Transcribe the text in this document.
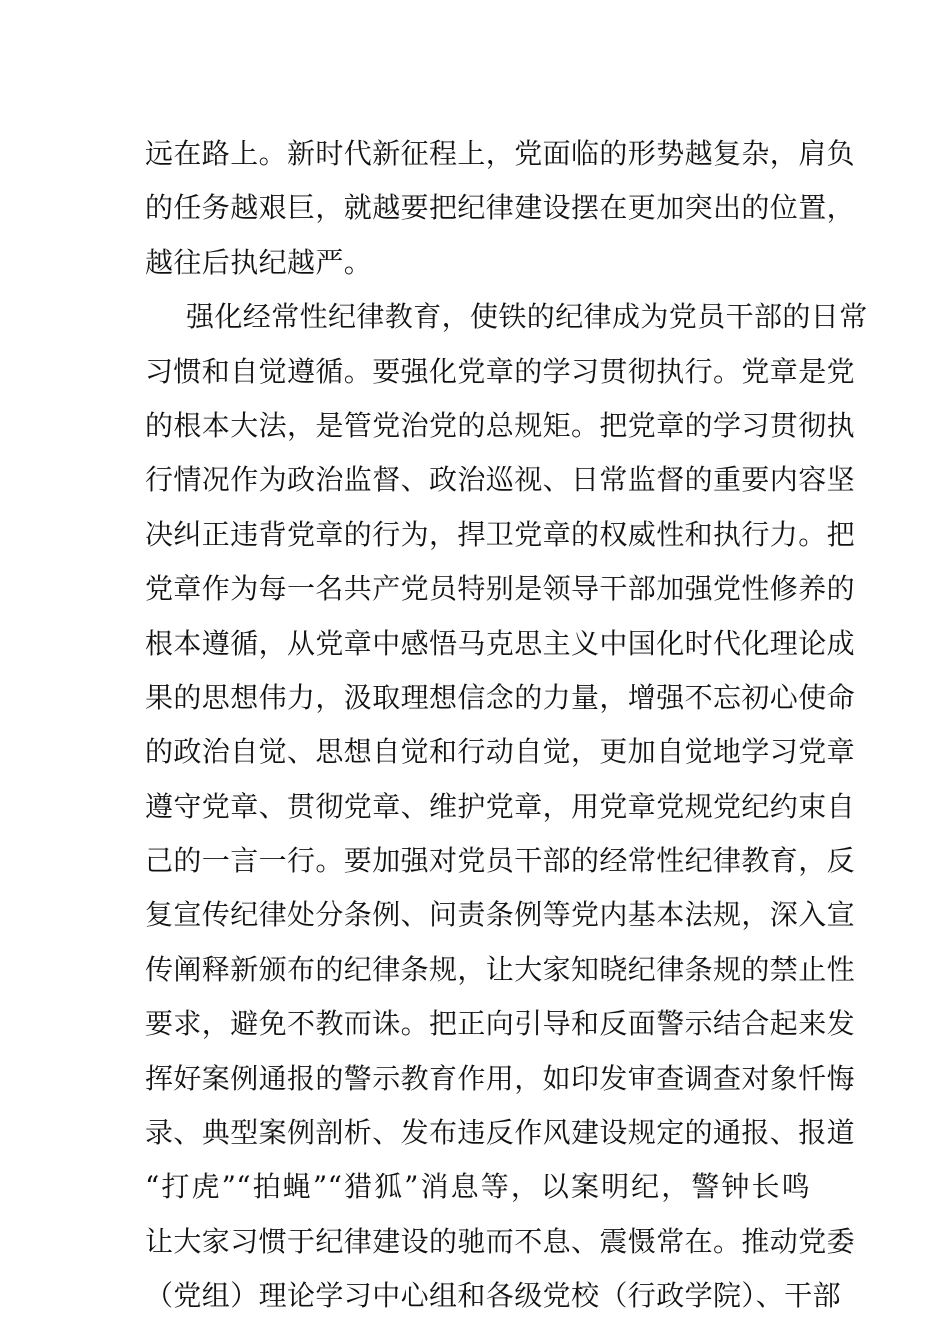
远在路上。新时代新征程上，党面临的形势越复杂，肩负
的任务越艰巨，就越要把纪律建设摆在更加突出的位置，
越往后执纪越严。
强化经常性纪律教育，使铁的纪律成为党员干部的日常
习惯和自觉遵循。要强化党章的学习贯彻执行。党章是党
的根本大法，是管党治党的总规矩。把党章的学习贯彻执
行情况作为政治监督、政治巡视、日常监督的重要内容坚
决纠正违背党章的行为，捍卫党章的权威性和执行力。把
党章作为每一名共产党员特别是领导干部加强党性修养的
根本遵循，从党章中感悟马克思主义中国化时代化理论成
果的思想伟力，汲取理想信念的力量，增强不忘初心使命
的政治自觉、思想自觉和行动自觉，更加自觉地学习党章
遵守党章、贯彻党章、维护党章，用党章党规党纪约束自
己的一言一行。要加强对党员干部的经常性纪律教育，反
复宣传纪律处分条例、问责条例等党内基本法规，深入宣
传阐释新颁布的纪律条规，让大家知晓纪律条规的禁止性
要求，避免不教而诛。把正向引导和反面警示结合起来发
挥好案例通报的警示教育作用，如印发审查调查对象忏悔
录、典型案例剖析、发布违反作风建设规定的通报、报道
“打虎”“拍蝇”“猎狐”消息等，以案明纪，警钟长鸣
让大家习惯于纪律建设的驰而不息、震慑常在。推动党委
（党组）理论学习中心组和各级党校（行政学院）、干部
